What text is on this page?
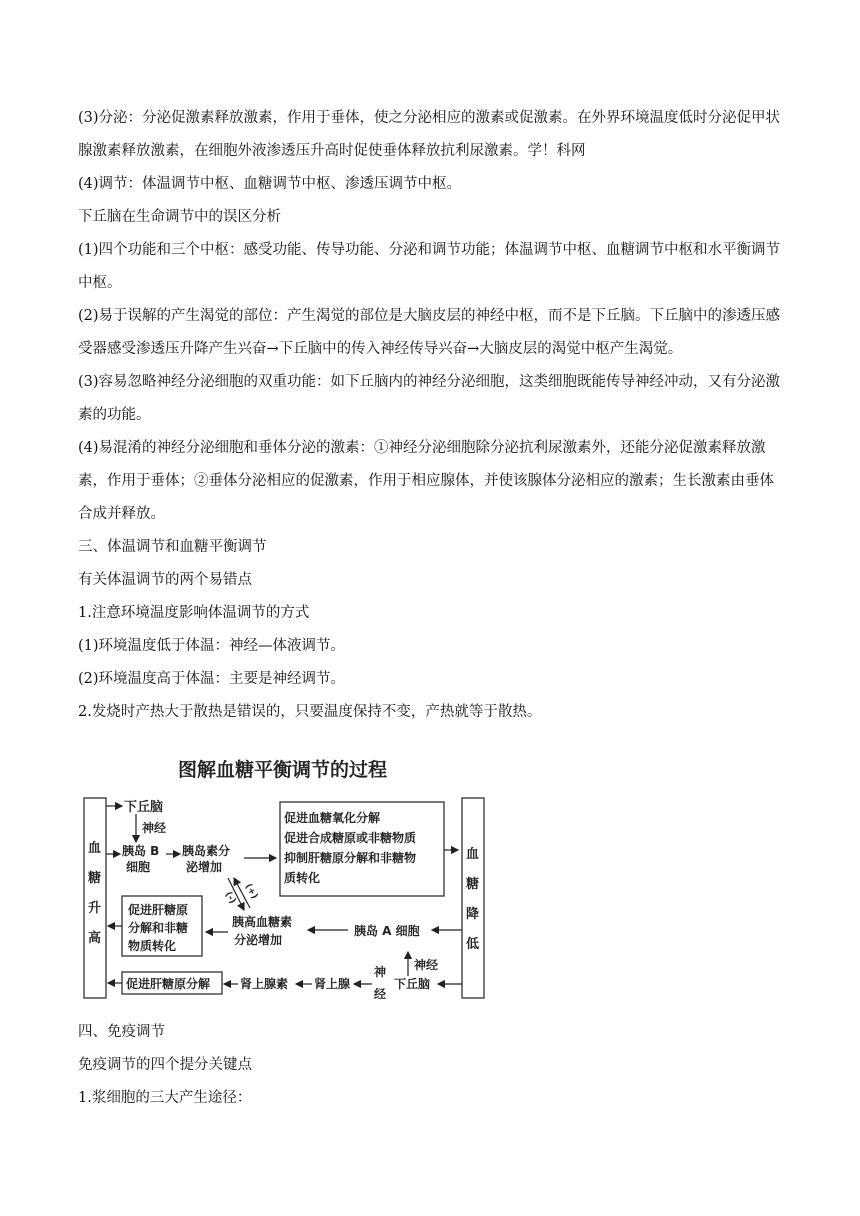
(3)分泌：分泌促激素释放激素，作用于垂体，使之分泌相应的激素或促激素。在外界环境温度低时分泌促甲状腺激素释放激素，在细胞外液渗透压升高时促使垂体释放抗利尿激素。学！科网

(4)调节：体温调节中枢、血糖调节中枢、渗透压调节中枢。

下丘脑在生命调节中的误区分析

(1)四个功能和三个中枢：感受功能、传导功能、分泌和调节功能；体温调节中枢、血糖调节中枢和水平衡调节中枢。

(2)易于误解的产生渴觉的部位：产生渴觉的部位是大脑皮层的神经中枢，而不是下丘脑。下丘脑中的渗透压感受器感受渗透压升降产生兴奋→下丘脑中的传入神经传导兴奋→大脑皮层的渴觉中枢产生渴觉。

(3)容易忽略神经分泌细胞的双重功能：如下丘脑内的神经分泌细胞，这类细胞既能传导神经冲动，又有分泌激素的功能。

(4)易混淆的神经分泌细胞和垂体分泌的激素：①神经分泌细胞除分泌抗利尿激素外，还能分泌促激素释放激素，作用于垂体；②垂体分泌相应的促激素，作用于相应腺体，并使该腺体分泌相应的激素；生长激素由垂体合成并释放。

三、体温调节和血糖平衡调节

有关体温调节的两个易错点

1.注意环境温度影响体温调节的方式

(1)环境温度低于体温：神经—体液调节。

(2)环境温度高于体温：主要是神经调节。

2.发烧时产热大于散热是错误的，只要温度保持不变，产热就等于散热。

图解血糖平衡调节的过程
血
糖
升
高
血
糖
降
低
下丘脑
神经
胰岛 B
细胞
胰岛素分
泌增加
促进血糖氧化分解
促进合成糖原或非糖物质
抑制肝糖原分解和非糖物
质转化
(-) (+)
促进肝糖原
分解和非糖
物质转化
胰高血糖素
分泌增加
胰岛 A 细胞
神经
下丘脑
神
经
肾上腺
肾上腺素
促进肝糖原分解

四、免疫调节

免疫调节的四个提分关键点

1.浆细胞的三大产生途径：
